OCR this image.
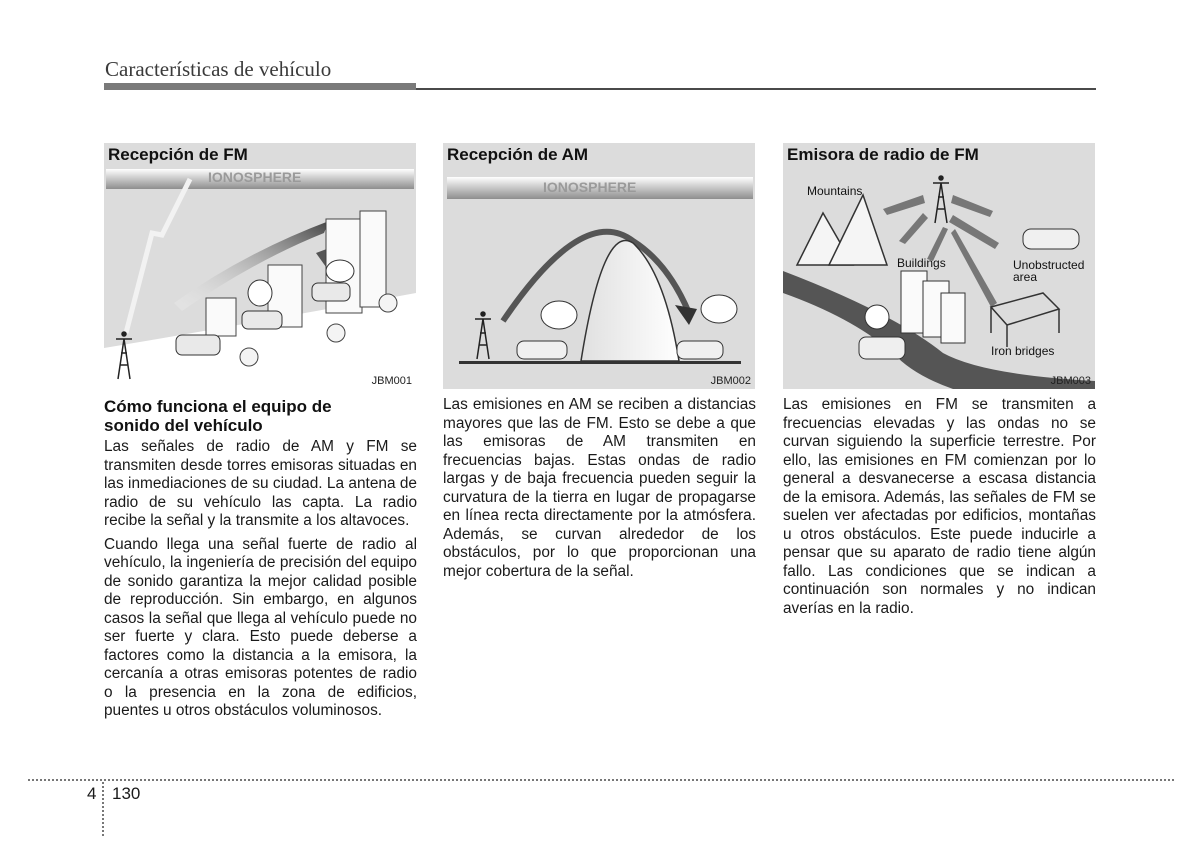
Características de vehículo
IONOSPHERE
Recepción de FM
JBM001
IONOSPHERE
Recepción de AM
JBM002
Mountains
Buildings	Unobstructed
area
Iron bridges
Emisora de radio de FM
JBM003
Cómo funciona el equipo de
sonido del vehículo

Las señales de radio de AM y FM se transmiten desde torres emisoras situadas en las inmediaciones de su ciudad. La antena de radio de su vehículo las capta. La radio recibe la señal y la transmite a los altavoces.

Cuando llega una señal fuerte de radio al vehículo, la ingeniería de precisión del equipo de sonido garantiza la mejor calidad posible de reproducción. Sin embargo, en algunos casos la señal que llega al vehículo puede no ser fuerte y clara. Esto puede deberse a factores como la distancia a la emisora, la cercanía a otras emisoras potentes de radio o la presencia en la zona de edificios, puentes u otros obstáculos voluminosos.

Las emisiones en AM se reciben a distancias mayores que las de FM. Esto se debe a que las emisoras de AM transmiten en frecuencias bajas. Estas ondas de radio largas y de baja frecuencia pueden seguir la curvatura de la tierra en lugar de propagarse en línea recta directamente por la atmósfera. Además, se curvan alrededor de los obstáculos, por lo que proporcionan una mejor cobertura de la señal.

Las emisiones en FM se transmiten a frecuencias elevadas y las ondas no se curvan siguiendo la superficie terrestre. Por ello, las emisiones en FM comienzan por lo general a desvanecerse a escasa distancia de la emisora. Además, las señales de FM se suelen ver afectadas por edificios, montañas u otros obstáculos. Este puede inducirle a pensar que su aparato de radio tiene algún fallo. Las condiciones que se indican a continuación son normales y no indican averías en la radio.

4 130
